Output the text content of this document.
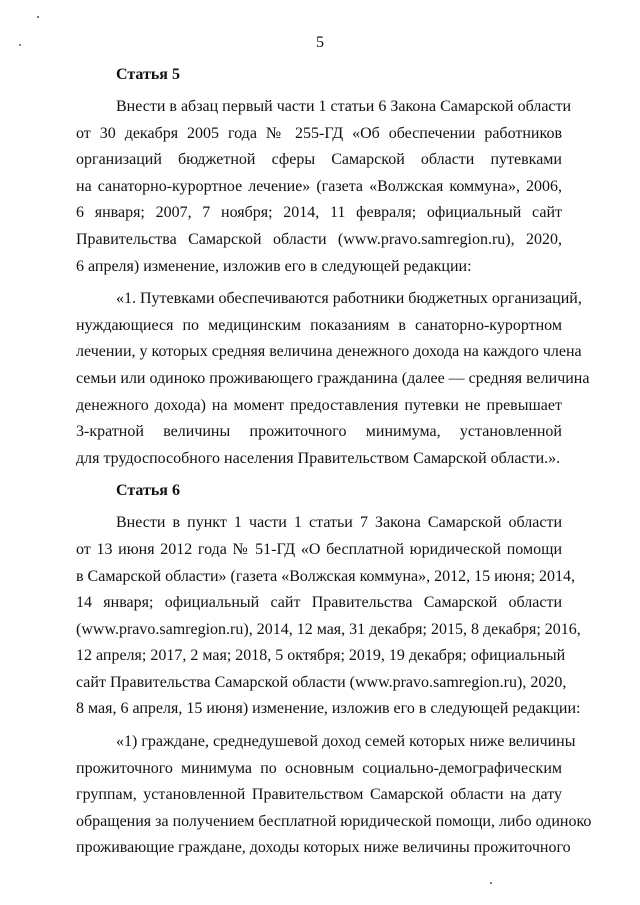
5
Статья 5
Внести в абзац первый части 1 статьи 6 Закона Самарской области
от 30 декабря 2005 года № 255-ГД «Об обеспечении работников
организаций бюджетной сферы Самарской области путевками
на санаторно-курортное лечение» (газета «Волжская коммуна», 2006,
6 января; 2007, 7 ноября; 2014, 11 февраля; официальный сайт
Правительства Самарской области (www.pravo.samregion.ru), 2020,
6 апреля) изменение, изложив его в следующей редакции:
«1. Путевками обеспечиваются работники бюджетных организаций,
нуждающиеся по медицинским показаниям в санаторно-курортном
лечении, у которых средняя величина денежного дохода на каждого члена
семьи или одиноко проживающего гражданина (далее — средняя величина
денежного дохода) на момент предоставления путевки не превышает
3-кратной величины прожиточного минимума, установленной
для трудоспособного населения Правительством Самарской области.».
Статья 6
Внести в пункт 1 части 1 статьи 7 Закона Самарской области
от 13 июня 2012 года № 51-ГД «О бесплатной юридической помощи
в Самарской области» (газета «Волжская коммуна», 2012, 15 июня; 2014,
14 января; официальный сайт Правительства Самарской области
(www.pravo.samregion.ru), 2014, 12 мая, 31 декабря; 2015, 8 декабря; 2016,
12 апреля; 2017, 2 мая; 2018, 5 октября; 2019, 19 декабря; официальный
сайт Правительства Самарской области (www.pravo.samregion.ru), 2020,
8 мая, 6 апреля, 15 июня) изменение, изложив его в следующей редакции:
«1) граждане, среднедушевой доход семей которых ниже величины
прожиточного минимума по основным социально-демографическим
группам, установленной Правительством Самарской области на дату
обращения за получением бесплатной юридической помощи, либо одиноко
проживающие граждане, доходы которых ниже величины прожиточного
